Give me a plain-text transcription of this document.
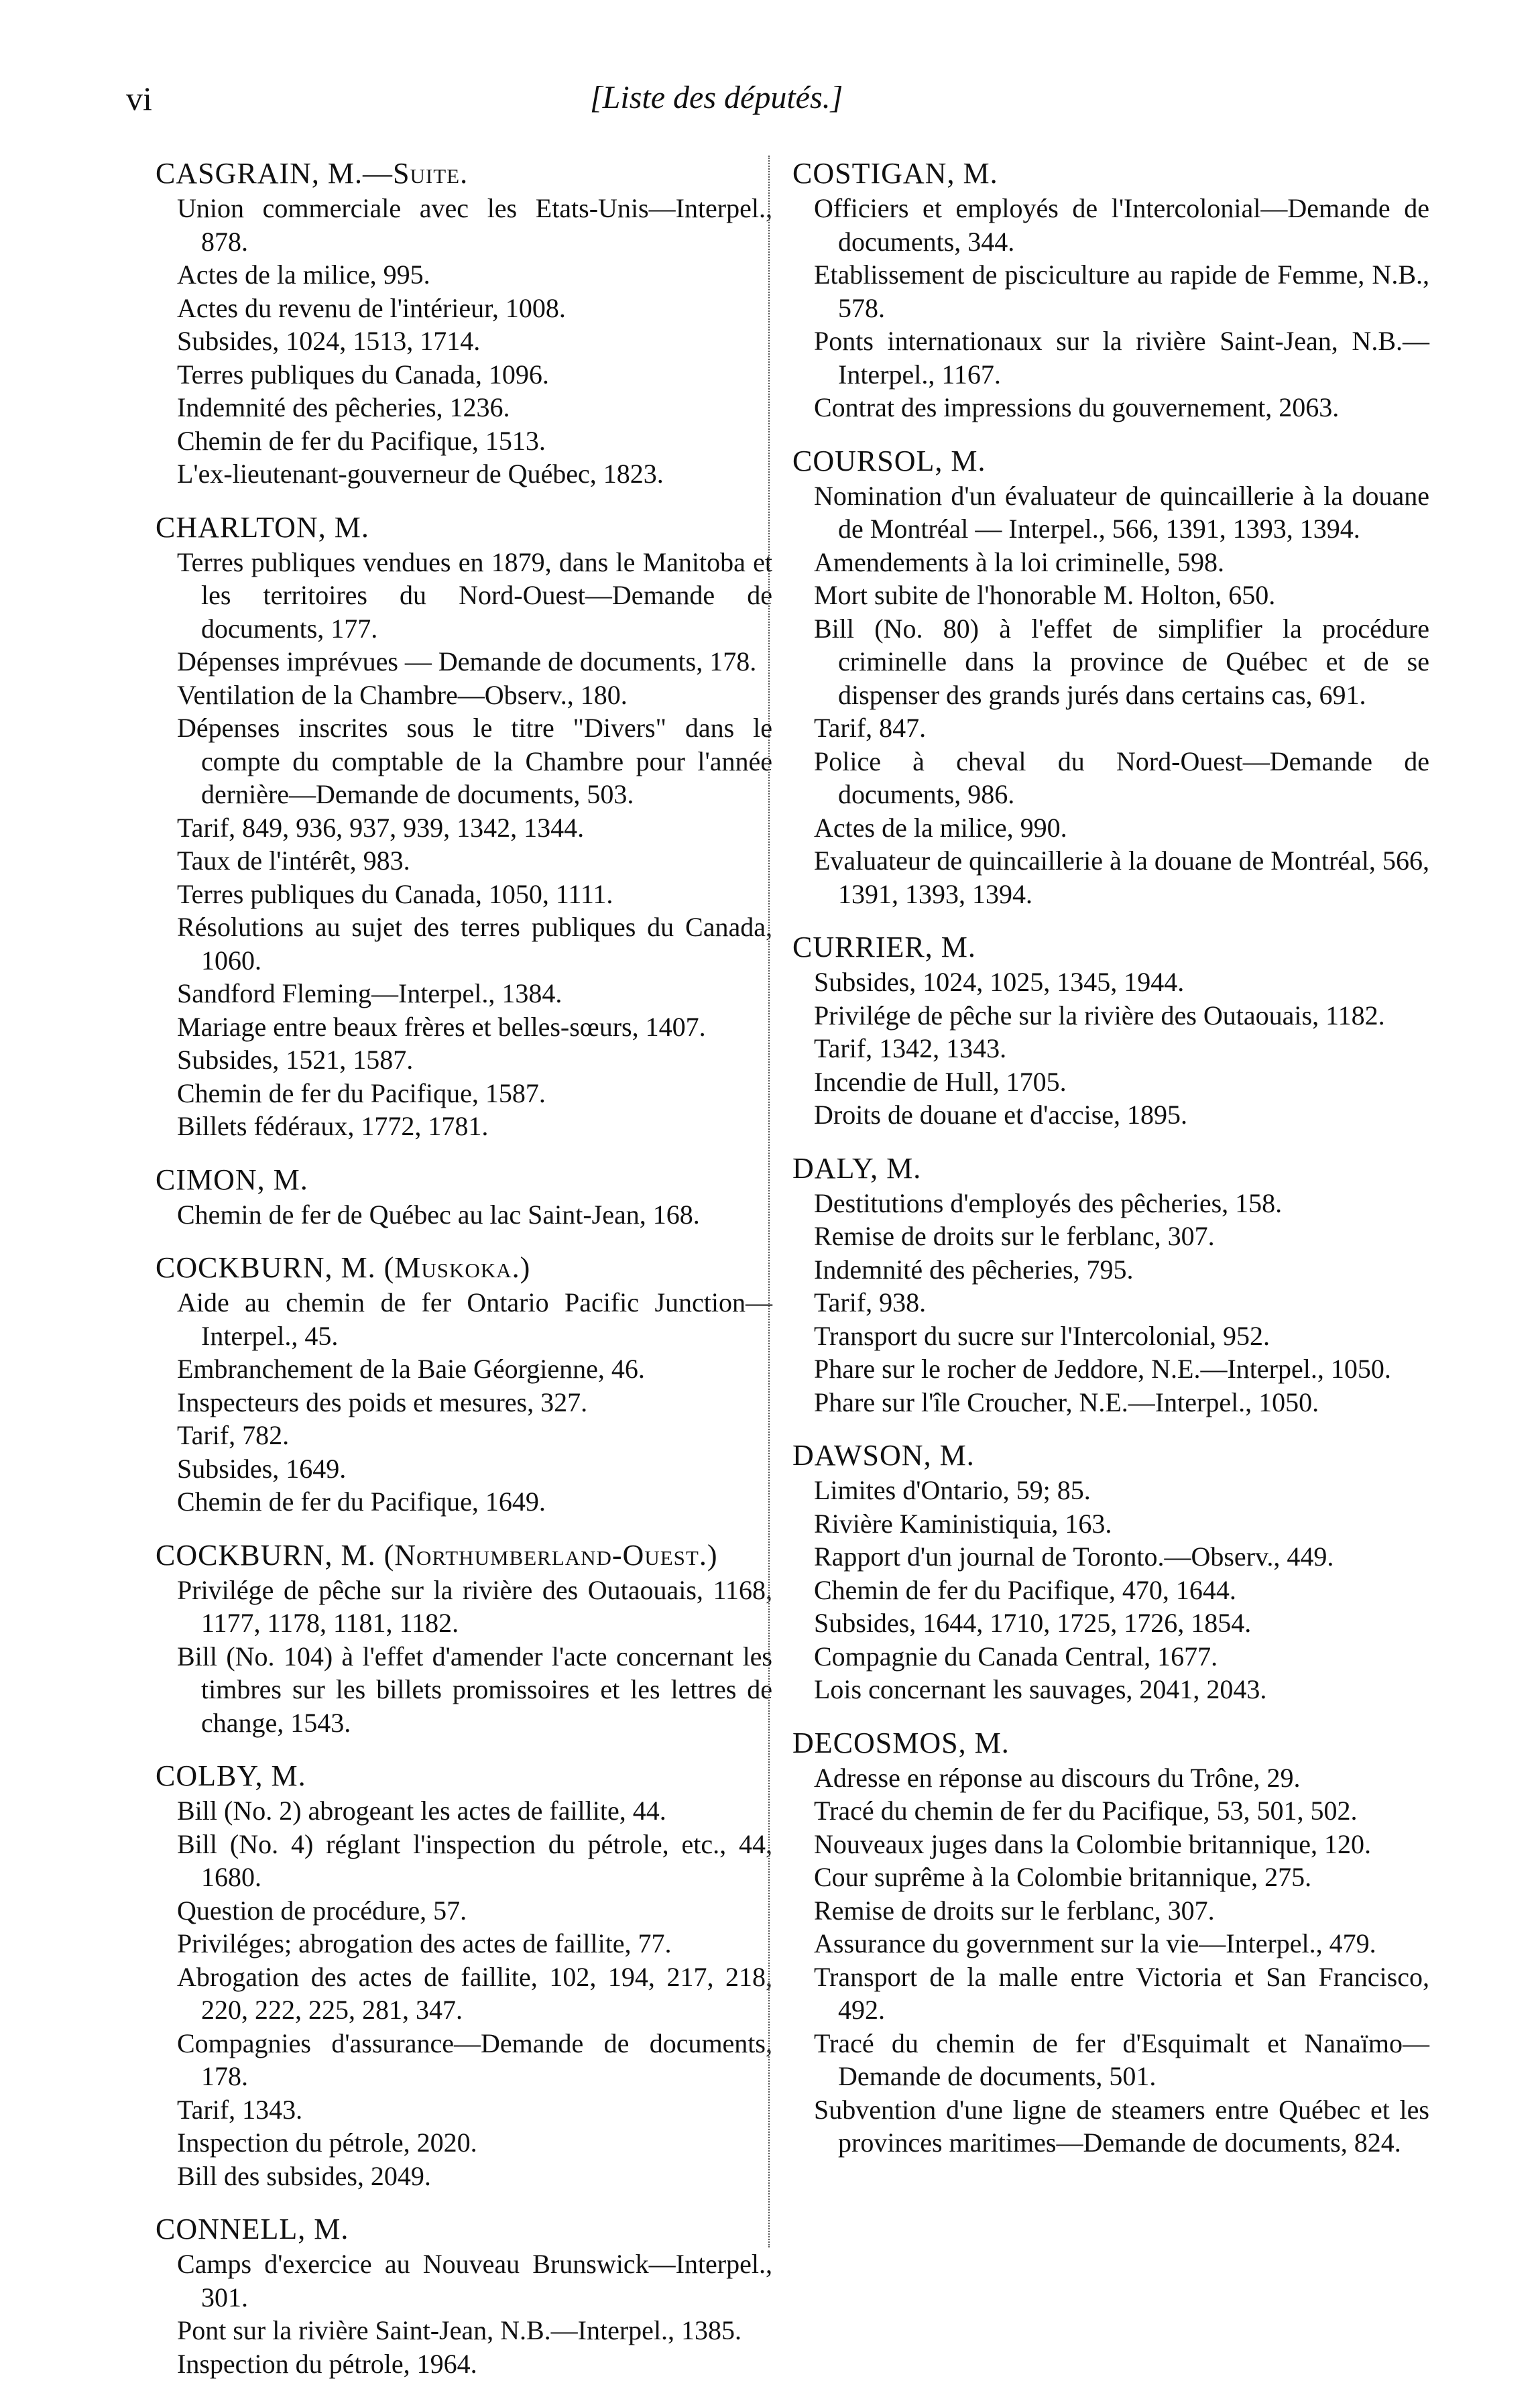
vi	[Liste des députés.]
CASGRAIN, M.—Suite.
Union commerciale avec les Etats-Unis—Interpel., 878.
Actes de la milice, 995.
Actes du revenu de l'intérieur, 1008.
Subsides, 1024, 1513, 1714.
Terres publiques du Canada, 1096.
Indemnité des pêcheries, 1236.
Chemin de fer du Pacifique, 1513.
L'ex-lieutenant-gouverneur de Québec, 1823.
CHARLTON, M.
Terres publiques vendues en 1879, dans le Manitoba et les territoires du Nord-Ouest—Demande de documents, 177.
Dépenses imprévues — Demande de documents, 178.
Ventilation de la Chambre—Observ., 180.
Dépenses inscrites sous le titre "Divers" dans le compte du comptable de la Chambre pour l'année dernière—Demande de documents, 503.
Tarif, 849, 936, 937, 939, 1342, 1344.
Taux de l'intérêt, 983.
Terres publiques du Canada, 1050, 1111.
Résolutions au sujet des terres publiques du Canada, 1060.
Sandford Fleming—Interpel., 1384.
Mariage entre beaux frères et belles-sœurs, 1407.
Subsides, 1521, 1587.
Chemin de fer du Pacifique, 1587.
Billets fédéraux, 1772, 1781.
CIMON, M.
Chemin de fer de Québec au lac Saint-Jean, 168.
COCKBURN, M. (Muskoka.)
Aide au chemin de fer Ontario Pacific Junction—Interpel., 45.
Embranchement de la Baie Géorgienne, 46.
Inspecteurs des poids et mesures, 327.
Tarif, 782.
Subsides, 1649.
Chemin de fer du Pacifique, 1649.
COCKBURN, M. (Northumberland-Ouest.)
Privilége de pêche sur la rivière des Outaouais, 1168, 1177, 1178, 1181, 1182.
Bill (No. 104) à l'effet d'amender l'acte concernant les timbres sur les billets promissoires et les lettres de change, 1543.
COLBY, M.
Bill (No. 2) abrogeant les actes de faillite, 44.
Bill (No. 4) réglant l'inspection du pétrole, etc., 44, 1680.
Question de procédure, 57.
Priviléges; abrogation des actes de faillite, 77.
Abrogation des actes de faillite, 102, 194, 217, 218, 220, 222, 225, 281, 347.
Compagnies d'assurance—Demande de documents, 178.
Tarif, 1343.
Inspection du pétrole, 2020.
Bill des subsides, 2049.
CONNELL, M.
Camps d'exercice au Nouveau Brunswick—Interpel., 301.
Pont sur la rivière Saint-Jean, N.B.—Interpel., 1385.
Inspection du pétrole, 1964.
COSTIGAN, M.
Officiers et employés de l'Intercolonial—Demande de documents, 344.
Etablissement de pisciculture au rapide de Femme, N.B., 578.
Ponts internationaux sur la rivière Saint-Jean, N.B.—Interpel., 1167.
Contrat des impressions du gouvernement, 2063.
COURSOL, M.
Nomination d'un évaluateur de quincaillerie à la douane de Montréal — Interpel., 566, 1391, 1393, 1394.
Amendements à la loi criminelle, 598.
Mort subite de l'honorable M. Holton, 650.
Bill (No. 80) à l'effet de simplifier la procédure criminelle dans la province de Québec et de se dispenser des grands jurés dans certains cas, 691.
Tarif, 847.
Police à cheval du Nord-Ouest—Demande de documents, 986.
Actes de la milice, 990.
Evaluateur de quincaillerie à la douane de Montréal, 566, 1391, 1393, 1394.
CURRIER, M.
Subsides, 1024, 1025, 1345, 1944.
Privilége de pêche sur la rivière des Outaouais, 1182.
Tarif, 1342, 1343.
Incendie de Hull, 1705.
Droits de douane et d'accise, 1895.
DALY, M.
Destitutions d'employés des pêcheries, 158.
Remise de droits sur le ferblanc, 307.
Indemnité des pêcheries, 795.
Tarif, 938.
Transport du sucre sur l'Intercolonial, 952.
Phare sur le rocher de Jeddore, N.E.—Interpel., 1050.
Phare sur l'île Croucher, N.E.—Interpel., 1050.
DAWSON, M.
Limites d'Ontario, 59; 85.
Rivière Kaministiquia, 163.
Rapport d'un journal de Toronto.—Observ., 449.
Chemin de fer du Pacifique, 470, 1644.
Subsides, 1644, 1710, 1725, 1726, 1854.
Compagnie du Canada Central, 1677.
Lois concernant les sauvages, 2041, 2043.
DECOSMOS, M.
Adresse en réponse au discours du Trône, 29.
Tracé du chemin de fer du Pacifique, 53, 501, 502.
Nouveaux juges dans la Colombie britannique, 120.
Cour suprême à la Colombie britannique, 275.
Remise de droits sur le ferblanc, 307.
Assurance du government sur la vie—Interpel., 479.
Transport de la malle entre Victoria et San Francisco, 492.
Tracé du chemin de fer d'Esquimalt et Nanaïmo—Demande de documents, 501.
Subvention d'une ligne de steamers entre Québec et les provinces maritimes—Demande de documents, 824.
